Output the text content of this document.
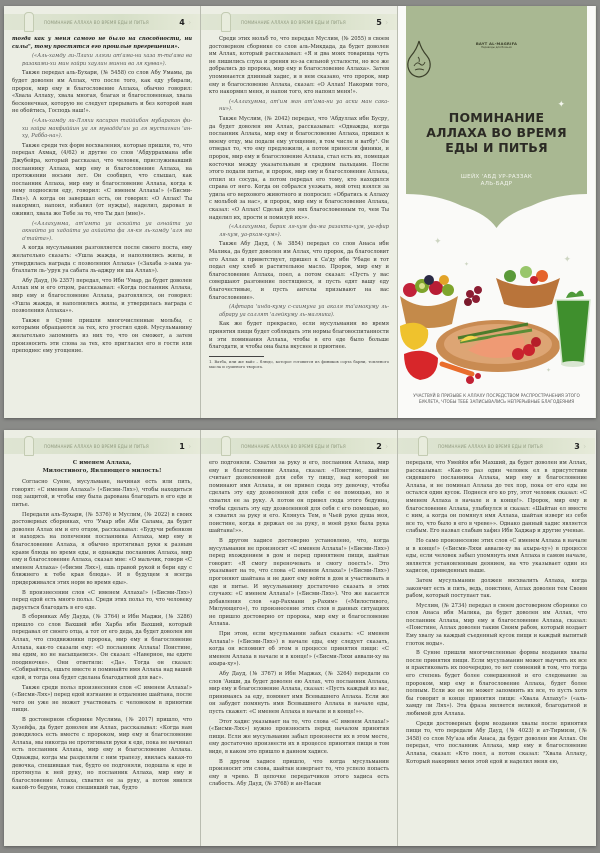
ПОМИНАНИЕ АЛЛАХА ВО ВРЕМЯ ЕДЫ И ПИТЬЯ	4 ›

тогда как у меня самого не было на способности, ни силы", тому простятся его прошлые прегрешения».

(«Аль-хамду ли-Ллахи ллязи ат'ама-ни хаза т-та'ама ва разаками-хи мин гайри хаулин минни ва ля куввa»).

Также передал аль-Бухари, (№ 5458) со слов Абу Умамы, да будет доволен им Аллах, что после того, как еду убирали, пророк, мир ему и благословение Аллаха, обычно говорил: «Хвала Аллаху, хвала многая, благая и благословенная, хвала бесконечная, которую не следует прерывать и без которой нам не обойтись, Господь наш!».

(«Аль-хамду ли-Лляхи касиран таййибан мубаракан фи-хи гайра макфиййин уа ля муваддa'ин уа ля мустагнан 'ан-ху, Рабба-на»).

Также среди тех форм восхваления, которые пришли, то, что передал Ахмад, (4/62) и другие со слов 'Абдуррахмана ибн Джубейра, который рассказал, что человек, прислуживавший посланнику Аллаха, мир ему и благословение Аллаха, на протяжении восьми лет. Он сообщил, что слышал, как посланник Аллаха, мир ему и благословение Аллаха, когда к нему подносили еду, говорил: «С именем Аллаха!» («Бисми-Лях»). А когда он завершал есть, он говорил: «О Аллах! Ты накормил, напоил, избавил (от нужды), наделил, даровал и оживил, хвала же Тебе за то, что Ты дал (мне)».

(«Аллахумма, ат'амта уа аскайта уа агнайта уа акнайта уа хадайта уа ахйайта фа ля-кя ль-хамду 'аля ма а'тайта»).

А когда мусульманин разговляется после своего поста, ему желательно сказать: «Ушла жажда, и наполнились жилы, и утвердилась награда с позволения Аллаха» («Захаба з-зама уа-бталлати ль-'урук уа сабата ль-аджру ин ша Аллах»).

Абу Дауд, (№ 2357) передал, что Ибн 'Умар, да будет доволен Аллах им и его отцом, рассказывал: «Когда посланник Аллаха, мир ему и благословение Аллаха, разговлялся, он говорил: «Ушла жажда, и наполнились жилы, и утвердилась награда с позволения Аллаха»».

Также в Сунне пришли многочисленные мольбы, с которыми обращаются за тех, кто угостил едой. Мусульманину желательно запомнить из них то, что он сможет, а затем произносить эти слова за тех, кто пригласил его в гости или преподнес ему угощение.

ПОМИНАНИЕ АЛЛАХА ВО ВРЕМЯ ЕДЫ И ПИТЬЯ	5 ›

Среди этих мольб то, что передал Муслим, (№ 2055) в своем достоверном сборнике со слов аль-Микдада, да будет доволен им Аллах, который рассказывал: «Я и два моих товарища чуть не лишились слуха и зрения из-за сильной усталости, но все же добрались до пророка, мир ему и благословение Аллаха». Затем упоминается длинный хадис, и в нем сказано, что пророк, мир ему и благословение Аллаха, сказал: «О Аллах! Накорми того, кто накормил меня, и напои того, кто напоил меня!».

(«Аллахумма, ат'им ман ат'ама-ни уа аски ман сака-ни»).

Также Муслим, (№ 2042) передал, что 'Абдуллах ибн Бусру, да будет доволен им Аллах, рассказывал: «Однажды, когда посланник Аллаха, мир ему и благословение Аллаха, пришел к моему отцу, мы подали ему угощение, в том числе и ватбу¹. Он отведал то, что ему предложили, а потом принесли финики, и пророк, мир ему и благословение Аллаха, стал есть их, помещая косточки между указательным и средним пальцами. После этого подали питье, и пророк, мир ему и благословение Аллаха, отпил из сосуда, а потом передал его тому, кто находился справа от него. Когда он собрался уезжать, мой отец взялся за удила его верхового животного и попросил: «Обратись к Аллаху с мольбой за нас», и пророк, мир ему и благословение Аллаха, сказал: «О Аллах! Сделай для них благословенным то, чем Ты наделил их, прости и помилуй их»».

(«Аллахумма, барик ля-хум фи-ма разакта-хум, уа-гфир ля-хум, уа-рхам-хум»).

Также Абу Дауд, (№ 3854) передал со слов Анаса ибн Малика, да будет доволен им Аллах, что пророк, да благословит его Аллах и приветствует, пришел к Са'ду ибн 'Убаде и тот подал ему хлеб и растительное масло. Пророк, мир ему и благословение Аллаха, поел, а потом сказал: «Пусть у вас совершают разговение постящиеся, и пусть едят вашу еду благочестивые, и пусть ангелы призывают на вас благословение».

(Афтара 'инда-куму с-саимуна уа акаля та'амакуму ль-абрару уа саллят 'алейкуму ль-маляика).

Как же будет прекрасно, если мусульманин во время принятия пищи будет соблюдать эти нормы благовоспитанности и эти поминания Аллаха, чтобы в его еде было больше благодати, и чтобы она была вкуснее и приятнее.

1. Ватба, или же вайс – блюдо, которое готовится из фиников сорта барни, топленого масла и сушеного творога.
BAYT AL-MAGRIFA
Переводы для Божьих
✦
ПОМИНАНИЕ
АЛЛАХА ВО ВРЕМЯ
ЕДЫ И ПИТЬЯ
ШЕЙХ 'АБД УР-РАЗЗАК
АЛЬ-БАДР
✦
✦	✦
✦
УЧАСТВУЙ В ПРИЗЫВЕ К АЛЛАХУ ПОСРЕДСТВОМ РАСПРОСТРАНЕНИЯ ЭТОГО БУКЛЕТА, ЧТОБЫ ТЕБЕ ЗАПИСЫВАЛИСЬ НЕПРЕРЫВНЫЕ БЛАГОДЕЯНИЯ
ПОМИНАНИЕ АЛЛАХА ВО ВРЕМЯ ЕДЫ И ПИТЬЯ	1 ›
С именем Аллаха,
Милостивого, Являющего милость!

Согласно Сунне, мусульмане, начиная есть или пить, говорят: «С именем Аллаха!» («Бисми-Лях»), чтобы находиться под защитой, и чтобы ему была дарована благодать в его еде и питье.

Передали аль-Бухари, (№ 5376) и Муслим, (№ 2022) в своих достоверных сборниках, что 'Умар ибн Аби Салама, да будет доволен Аллах им и его отцом, рассказывал: «Будучи ребенком и находясь на попечении посланника Аллаха, мир ему и благословение Аллаха, я обычно протягивал руки к разным краям блюда во время еды, и однажды посланник Аллаха, мир ему и благословение Аллаха, сказал мне: «О мальчик, говори «С именем Аллаха» («бисми Лях»), ешь правой рукой и бери еду с ближнего к тебе края блюда». И в будущем я всегда придерживался этих норм во время еды».

В произнесении слов «С именем Аллаха!» («Бисми-Лях») перед едой есть много польз. Среди этих польз то, что человеку дарується благодать в его еде.

В сборниках Абу Дауда, (№ 3764) и Ибн Маджи, (№ 3286) пришло со слов Вахший ибн Харба ибн Вахший, который передавал от своего отца, а тот от его деда, да будет доволен им Аллах, что сподвижники пророка, мир ему и благословение Аллаха, как-то сказали ему: «О посланник Аллаха! Поистине, мы едим, но не насыщаемся». Он сказал: «Наверное, вы едите поодиночке». Они ответили: «Да». Тогда он сказал: «Собирайтесь, ешьте вместе и поминайте имя Аллаха над вашей едой, и тогда она будет сделана благодатной для вас».

Также среди польз произнесения слов «С именем Аллаха!» («Бисми-Лях») перед едой изгнание и отдаление шайтана, после чего он уже не может участвовать с человеком в принятии пищи.

В достоверном сборнике Муслима, (№ 2017) пришло, что Хузейфа, да будет доволен им Аллах, рассказывал: «Когда нам доводилось есть вместе с пророком, мир ему и благословение Аллаха, мы никогда не протягивали руки к еде, пока не начинал есть посланник Аллаха, мир ему и благословение Аллаха. Однажды, когда мы разделяли с ним трапезу, явилась какая-то девочка, спешившая так, будто ее подгоняли, подошла к еде и протянула к ней руку, но посланник Аллаха, мир ему и благословение Аллаха, схватил ее за руку, а потом явился какой-то бедуин, тоже спешивший так, будто

ПОМИНАНИЕ АЛЛАХА ВО ВРЕМЯ ЕДЫ И ПИТЬЯ	2 ›

его подгоняли. Схватив за руку и его, посланник Аллаха, мир ему и благословение Аллаха, сказал: «Поистине, шайтан считает дозволенной для себя ту пищу, над которой не поминают имя Аллаха, и он привел сюда эту девочку, чтобы сделать эту еду дозволенной для себя с ее помощью, но я схватил ее за руку. А потом он привел сюда этого бедуина, чтобы сделать эту еду дозволенной для себя с его помощью, но я схватил за руку и его. Клянусь Тем, в Чьей руке душа моя, поистине, когда я держал ее за руку, в моей руке была рука шайтана!»».

В другом хадисе достоверно установлено, что, когда мусульманин не произносит «С именем Аллаха!» («Бисми-Лях») перед вхождением в дом и перед принятием пищи, шайтан говорит: «Я смогу переночевать и смогу поесть!». Это указывает на то, что слова «С именем Аллаха!» («Бисми-Лях») прогоняют шайтана и не дают ему войти в дом и участвовать в еде и питье. И мусульманину достаточно сказать в этих случаях: «С именем Аллаха!» («Бисми-Лях»). Что же касается добавления слов «ар-Рахмани р-Рахим» («Милостивого, Милующего»), то произнесение этих слов в данных ситуациях не пришло достоверно от пророка, мир ему и благословение Аллаха.

При этом, если мусульманин забыл сказать: «С именем Аллаха!» («Бисми-Лях») в начале еды, ему следует сказать, когда он вспомнит об этом в процессе принятия пищи: «С именем Аллаха в начале и в конце!» («Бисми-Ляхи аввали-ху ва ахыра-ху»).

Абу Дауд, (№ 3767) и Ибн Маджах, (№ 3264) передали со слов 'Аиши, да будет доволен ею Аллах, что посланник Аллаха, мир ему и благословение Аллаха, сказал: «Пусть каждый из вас, принимаясь за еду, помянет имя Всевышнего Аллаха. Если же он забудет помянуть имя Всевышнего Аллаха в начале еды, пусть скажет: «С именем Аллаха в начале и в конце!»».

Этот хадис указывает на то, что слова «С именем Аллаха!» («Бисми-Лях») нужно произносить перед началом принятия пищи. Если же мусульманин забыл произнести их в этом месте, ему достаточно произнести их в процессе принятия пищи в том виде, в каком это пришло в данном хадисе.

В другом хадисе пришло, что когда мусульманин произносит эти слова, шайтан извергает то, что успело попасть ему в чрево. В цепочке передатчиков этого хадиса есть слабость. Абу Дауд, (№ 3768) и ан-Насаи

ПОМИНАНИЕ АЛЛАХА ВО ВРЕМЯ ЕДЫ И ПИТЬЯ	3 ›

передали, что Умеййя ибн Махший, да будет доволен им Аллах, рассказывал: «Как-то раз один человек ел в присутствии сидевшего посланника Аллаха, мир ему и благословение Аллаха, и не поминал Аллаха до тех пор, пока от его еды не остался один кусок. Поднеся его ко рту, этот человек сказал: «С именем Аллаха в начале и в конце!». Пророк, мир ему и благословение Аллаха, улыбнулся и сказал: «Шайтан ел вместе с ним, а когда он помянул имя Аллаха, шайтан изверг из себя все то, что было в его в чреве»». Однако данный хадис является слабым. Его назвал слабым хафиз Ибн Хаджар и другие ученые.

Но само произнесение этих слов «С именем Аллаха в начале и в конце!» («Бисми-Ляхи аввали-ху ва ахыра-ху») в процессе еды, если человек забыл упомянуть имя Аллаха в самом начале, является установленным деянием, на что указывает один из хадисов, приведенных выше.

Затем мусульманин должен восхвалить Аллаха, когда закончит есть и пить, ведь, поистине, Аллах доволен тем Своим рабом, который поступает так.

Муслим, (№ 2734) передал в своем достоверном сборнике со слов Анаса ибн Малика, да будет доволен им Аллах, что посланник Аллаха, мир ему и благословение Аллаха, сказал: «Поистине, Аллах доволен таким Своим рабом, который воздает Ему хвалу за каждый съеденный кусок пищи и каждый выпитый глоток воды».

В Сунне пришли многочисленные формы воздания хвалы после принятия пищи. Если мусульманин может выучить их все и практиковать их поочередно, то нет сомнений в том, что тогда его степень будет более совершенной и его следование за пророком, мир ему и благословение Аллаха, будет более полным. Если же он не может запомнить их все, то пусть хотя бы говорит в конце принятия пищи: «Хвала Аллаху!» («аль-хамду ли Лях»). Эта фраза является великой, благодатной и любимой для Аллаха.

Среди достоверных форм воздания хвалы после принятия пищи то, что передали Абу Дауд, (№ 4023) и ат-Тирмизи, (№ 3458) со слов Му'аза ибн Анаса, да будет доволен им Аллах. Он передал, что посланник Аллаха, мир ему и благословение Аллаха, сказал: «Кто поел, а потом сказал: "Хвала Аллаху, Который накормил меня этой едой и наделил меня ею,
